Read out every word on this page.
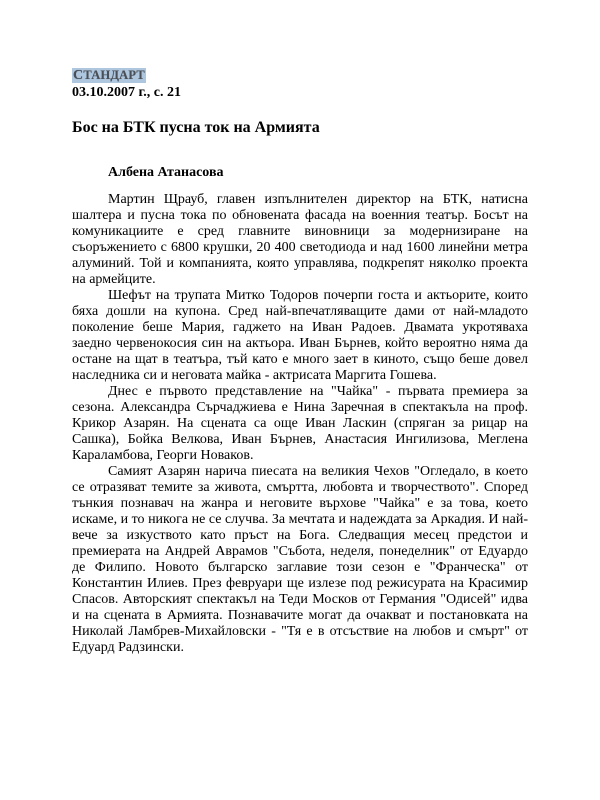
СТАНДАРТ
03.10.2007 г., с. 21
Бос на БТК пусна ток на Армията
Албена Атанасова

Мартин Щрауб, главен изпълнителен директор на БТК, натисна шалтера и пусна тока по обновената фасада на военния театър. Босът на комуникациите е сред главните виновници за модернизиране на съоръжението с 6800 крушки, 20 400 светодиода и над 1600 линейни метра алуминий. Той и компанията, която управлява, подкрепят няколко проекта на армейците.

Шефът на трупата Митко Тодоров почерпи госта и актьорите, които бяха дошли на купона. Сред най-впечатляващите дами от най-младото поколение беше Мария, гаджето на Иван Радоев. Двамата укротяваха заедно червенокосия син на актьора. Иван Бърнев, който вероятно няма да остане на щат в театъра, тъй като е много зает в киното, също беше довел наследника си и неговата майка - актрисата Маргита Гошева.

Днес е първото представление на "Чайка" - първата премиера за сезона. Александра Сърчаджиева е Нина Заречная в спектакъла на проф. Крикор Азарян. На сцената са още Иван Ласкин (спряган за рицар на Сашка), Бойка Велкова, Иван Бърнев, Анастасия Ингилизова, Меглена Караламбова, Георги Новаков.

Самият Азарян нарича пиесата на великия Чехов "Огледало, в което се отразяват темите за живота, смъртта, любовта и творчеството". Според тънкия познавач на жанра и неговите върхове "Чайка" е за това, което искаме, и то никога не се случва. За мечтата и надеждата за Аркадия. И най-вече за изкуството като пръст на Бога. Следващия месец предстои и премиерата на Андрей Аврамов "Събота, неделя, понеделник" от Едуардо де Филипо. Новото българско заглавие този сезон е "Франческа" от Константин Илиев. През февруари ще излезе под режисурата на Красимир Спасов. Авторският спектакъл на Теди Москов от Германия "Одисей" идва и на сцената в Армията. Познавачите могат да очакват и постановката на Николай Ламбрев-Михайловски - "Тя е в отсъствие на любов и смърт" от Едуард Радзински.
